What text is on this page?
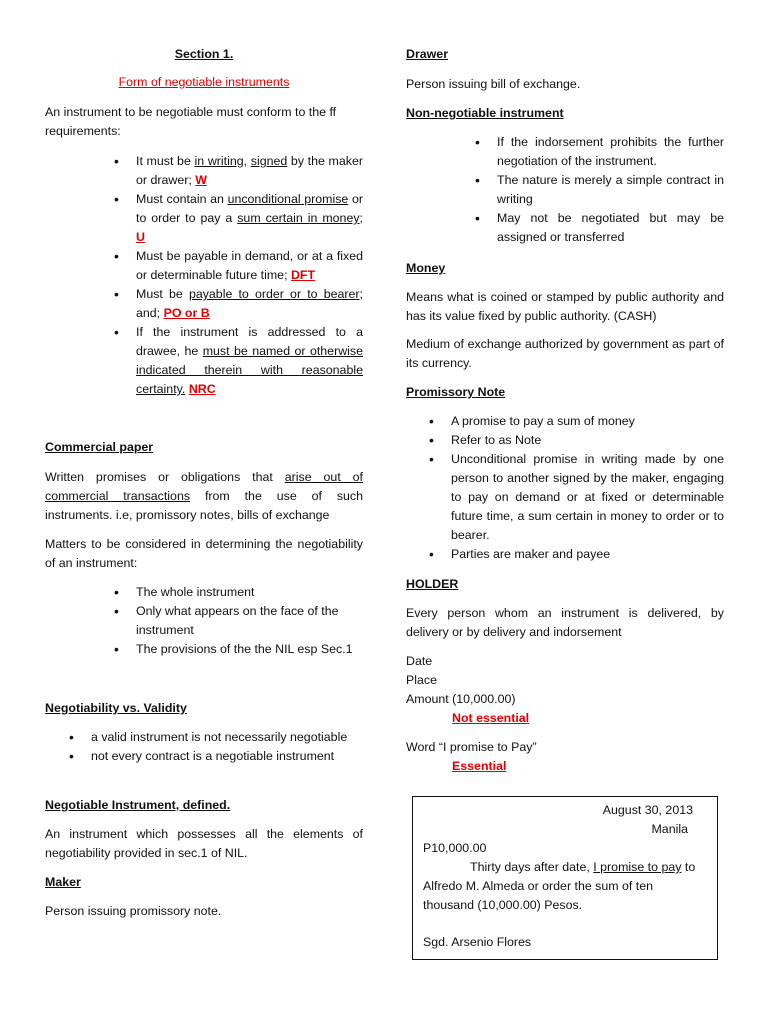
Section 1.

Form of negotiable instruments

An instrument to be negotiable must conform to the ff

requirements:

• It must be in writing, signed by the maker or drawer; W
• Must contain an unconditional promise or to order to pay a sum certain in money; U
• Must be payable in demand, or at a fixed or determinable future time; DFT
• Must be payable to order or to bearer; and; PO or B
• If the instrument is addressed to a drawee, he must be named or otherwise indicated therein with reasonable certainty. NRC

Commercial paper

Written promises or obligations that arise out of commercial transactions from the use of such instruments. i.e, promissory notes, bills of exchange

Matters to be considered in determining the negotiability of an instrument:

• The whole instrument
• Only what appears on the face of the instrument
• The provisions of the the NIL esp Sec.1

Negotiability vs. Validity

• a valid instrument is not necessarily negotiable
• not every contract is a negotiable instrument

Negotiable Instrument, defined.

An instrument which possesses all the elements of negotiability provided in sec.1 of NIL.

Maker

Person issuing promissory note.

Drawer

Person issuing bill of exchange.

Non-negotiable instrument

• If the indorsement prohibits the further negotiation of the instrument.
• The nature is merely a simple contract in writing
• May not be negotiated but may be assigned or transferred

Money

Means what is coined or stamped by public authority and has its value fixed by public authority. (CASH)

Medium of exchange authorized by government as part of its currency.

Promissory Note

• A promise to pay a sum of money
• Refer to as Note
• Unconditional promise in writing made by one person to another signed by the maker, engaging to pay on demand or at fixed or determinable future time, a sum certain in money to order or to bearer.
• Parties are maker and payee

HOLDER

Every person whom an instrument is delivered, by delivery or by delivery and indorsement

Date

Place

Amount (10,000.00)

Not essential

Word “I promise to Pay”

Essential

August 30, 2013

Manila

P10,000.00

Thirty days after date, I promise to pay to Alfredo M. Almeda or order the sum of ten thousand (10,000.00) Pesos.

Sgd. Arsenio Flores
